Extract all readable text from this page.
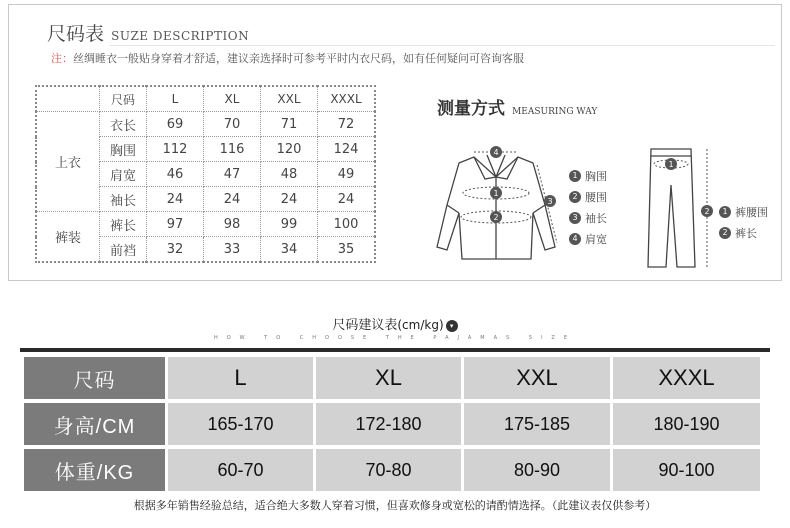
尺码表 SUZE DESCRIPTION
注：丝绸睡衣一般贴身穿着才舒适，建议亲选择时可参考平时内衣尺码，如有任何疑问可咨询客服
	尺码	L	XL	XXL	XXXL
上衣	衣长	69	70	71	72
	胸围	112	116	120	124
	肩宽	46	47	48	49
	袖长	24	24	24	24
裤装	裤长	97	98	99	100
	前裆	32	33	34	35
测量方式 MEASURING WAY
4
1
2
3
1 胸围
2 腰围
3 袖长
4 肩宽
1
2	1 裤腰围
2 裤长
尺码建议表(cm/kg) ▾
HOW TO CHOOSE THE PAJAMAS SIZE
尺码	L	XL	XXL	XXXL
身高/CM	165-170	172-180	175-185	180-190
体重/KG	60-70	70-80	80-90	90-100
根据多年销售经验总结，适合绝大多数人穿着习惯，但喜欢修身或宽松的请酌情选择。（此建议表仅供参考）
